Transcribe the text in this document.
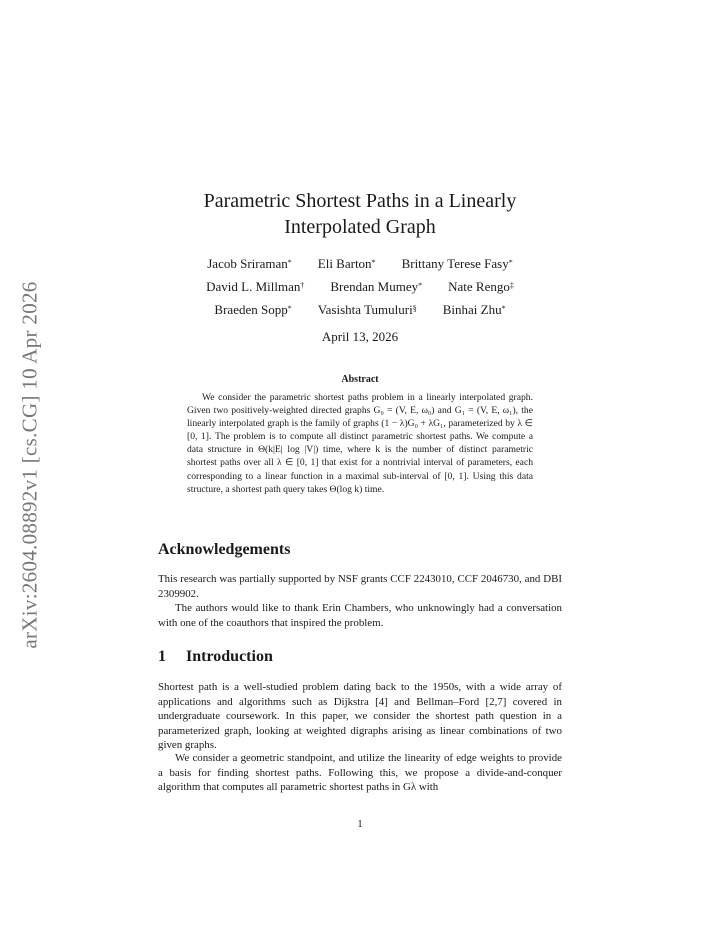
arXiv:2604.08892v1 [cs.CG] 10 Apr 2026
Parametric Shortest Paths in a Linearly Interpolated Graph
Jacob Sriraman* Eli Barton* Brittany Terese Fasy*
David L. Millman† Brendan Mumey* Nate Rengo‡
Braeden Sopp* Vasishta Tumuluri§ Binhai Zhu*
April 13, 2026
Abstract
We consider the parametric shortest paths problem in a linearly interpolated graph. Given two positively-weighted directed graphs G₀ = (V, E, ω₀) and G₁ = (V, E, ω₁), the linearly interpolated graph is the family of graphs (1 − λ)G₀ + λG₁, parameterized by λ ∈ [0, 1]. The problem is to compute all distinct parametric shortest paths. We compute a data structure in Θ(k|E| log |V|) time, where k is the number of distinct parametric shortest paths over all λ ∈ [0, 1] that exist for a nontrivial interval of parameters, each corresponding to a linear function in a maximal sub-interval of [0, 1]. Using this data structure, a shortest path query takes Θ(log k) time.
Acknowledgements
This research was partially supported by NSF grants CCF 2243010, CCF 2046730, and DBI 2309902.
The authors would like to thank Erin Chambers, who unknowingly had a conversation with one of the coauthors that inspired the problem.
1 Introduction
Shortest path is a well-studied problem dating back to the 1950s, with a wide array of applications and algorithms such as Dijkstra [4] and Bellman–Ford [2,7] covered in undergraduate coursework. In this paper, we consider the shortest path question in a parameterized graph, looking at weighted digraphs arising as linear combinations of two given graphs.
We consider a geometric standpoint, and utilize the linearity of edge weights to provide a basis for finding shortest paths. Following this, we propose a divide-and-conquer algorithm that computes all parametric shortest paths in Gλ with
1
